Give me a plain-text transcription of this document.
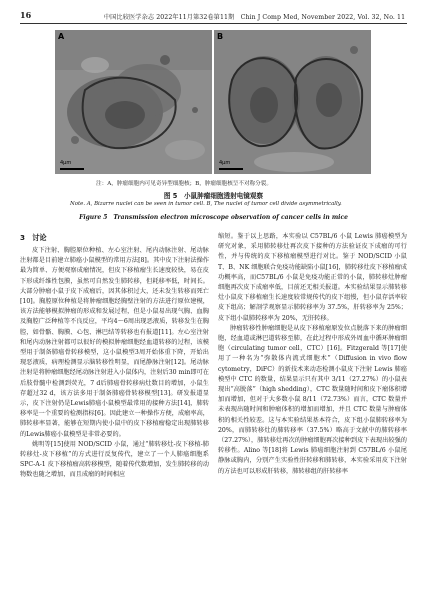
16	中国比较医学杂志 2022年11月第32卷第11期　Chin J Comp Med, November 2022, Vol. 32, No. 11
A
4μm
B
4μm
注：A，肿瘤细胞内可见奇异型细胞核；B，肿瘤细胞核呈不对称分裂。
图 5　小鼠肿瘤细胞透射电镜观察
Note. A, Bizarre nuclei can be seen in tumor cell. B, The nuclei of tumor cell divide asymmetrically.
Figure 5　Transmission electron microscope observation of cancer cells in mice
3　讨论

皮下注射、胸腔原位种植、左心室注射、尾内动脉注射、尾动脉注射都是目前建立肺癌小鼠模型的常用方法[8]。其中皮下注射法操作最为简单、方便观察成瘤情况，但皮下移植瘤生长速度较快，易在皮下形成纤维性包膜，虽然可自然发生肺转移，但耗移率低，时间长。大部分肿瘤小鼠于皮下成瘤后，因其体积过大，还未发生转移而死亡[10]。胸腔原位种植是将肿瘤细胞经胸壁注射的方法进行原位建模，该方法能够模拟肿瘤的形成和发展过程，但是小鼠易出现气胸、血胸及胸腔广泛种植等不良反应，平均4～6周出现恶液质，转移发生在胸腔，如骨骼、胸膜、心包、淋巴结等转移也有报道[11]。左心室注射和尾内动脉注射都可以很好的模拟肿瘤细胞经血道转移的过程，该模型用于制备肺癌骨转移模型，这小鼠模型3周开始体重下降，开始出现恶液质，病理检测显示脑转移性明显，而尾静脉注射[12]。尾动脉注射是将肿瘤细胞经尾动脉注射进入小鼠体内，注射后30 min即可在后肢骨髓中检测到荧光，7 d后肺癌骨转移病灶数目的增加，小鼠生存超过32 d，该方法多用于制备肺癌骨转移模型[13]。研发报道显示，皮下注射仍是Lewis肺癌小鼠模型最常用的接种方法[14]，肺转移率是一个重要的检测指标[6]。因此建立一种操作方便，成瘤率高，肺转移率显著，能够在短期内使小鼠中的皮下移植瘤稳定出现肺转移的Lewis肺癌小鼠模型是非常必要的。

姚明等[15]使用 NOD/SCID 小鼠，通过“肺转移灶-皮下移植-肺转移灶-皮下移植”的方式进行反复传代，建立了一个人肺癌细胞系 SPC-A-1 皮下移植瘤高转移模型，随着传代数增加，发生肺转移的动物数也随之增加，而且成瘤的时间相应

缩短。鉴于以上思路，本实验以 C57BL/6 小鼠 Lewis 肺癌模型为研究对象，采用肺转移灶再次皮下接种的方法验证皮下成瘤的可行性，并与传统的皮下移植瘤模型进行对比。鉴于 NOD/SCID 小鼠 T、B、NK 细胞联合免疫功能缺陷小鼠[16]，肺转移灶皮下移植瘤成功概率高，而C57BL/6 小鼠是免疫功能正常的小鼠，肺转移灶肿瘤细胞再次皮下成瘤率低，目前还无相关报道。本实验结果显示肺转移灶小鼠皮下移植瘤生长速度较常规传代的皮下组慢，但小鼠存活率较皮下组高；解剖学观察显示肺转移率为 37.5%，肝转移率为 25%；皮下组小鼠肺转移率为 20%，无肝转移。

肿瘤转移性肿瘤细胞是从皮下移植瘤原发位点脱落下来的肿瘤细胞，经血道或淋巴道转移至肺，在此过程中形成外周血中循环肿瘤细胞（circulating tumor cell，CTC）[16]。Fitzgerald 等[17]使用了一种名为“弥散体内流式细胞术”（Diffusion in vivo flow cytometry，DiFC）的新技术来动态检测小鼠皮下注射 Lewis 肺癌模型中 CTC 的数量，结果显示只有其中 3/11（27.27%）的小鼠表现出“高脱落”（high shedding），CTC 数量随时间和皮下瘤体积增加而增加，但对于大多数小鼠 8/11（72.73%）而言，CTC 数量并未表现出随时间和肿瘤体积的增加而增加，并且 CTC 数量与肿瘤体积的相关性较差。这与本实验结果基本符合，皮下组小鼠肺转移率为 20%，而肺转移灶的肺转移率（37.5%）略高于文献中的肺转移率（27.27%），肺转移灶再次的肿瘤细胞再次接种到皮下表现出较强的转移性。Alino 等[18]将 Lewis 肺癌细胞注射到 C57BL/6 小鼠尾静脉或胸内，分别产生实验性肝转移和肺转移，本实验采用皮下注射的方法也可以形成肝转移，肺转移组的肝转移率
